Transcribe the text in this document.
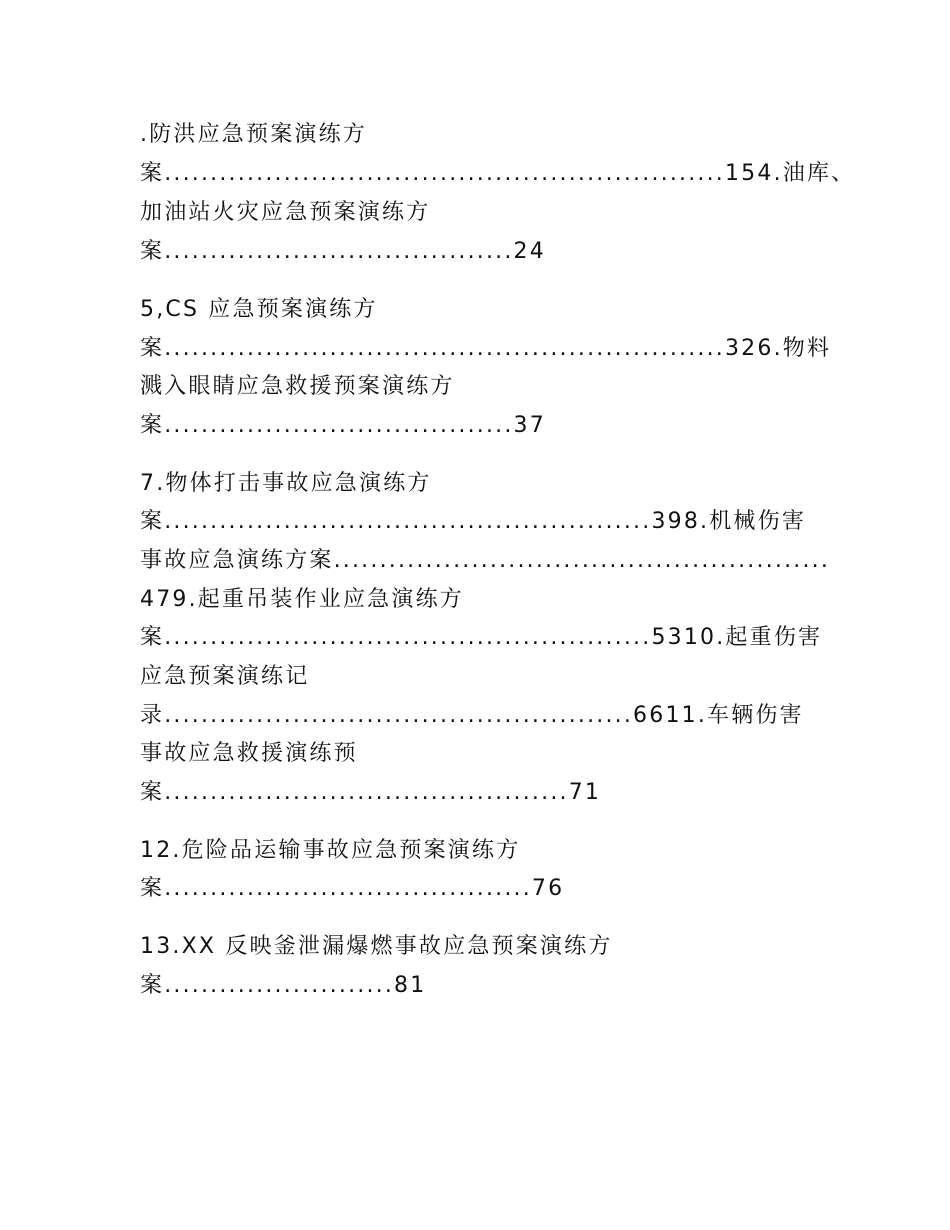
.防洪应急预案演练方
案.............................................................154.油库、
加油站火灾应急预案演练方
案......................................24
5,CS 应急预案演练方
案.............................................................326.物料
溅入眼睛应急救援预案演练方
案......................................37
7.物体打击事故应急演练方
案.....................................................398.机械伤害
事故应急演练方案......................................................
479.起重吊装作业应急演练方
案.....................................................5310.起重伤害
应急预案演练记
录...................................................6611.车辆伤害
事故应急救援演练预
案............................................71
12.危险品运输事故应急预案演练方
案........................................76
13.XX 反映釜泄漏爆燃事故应急预案演练方
案.........................81
